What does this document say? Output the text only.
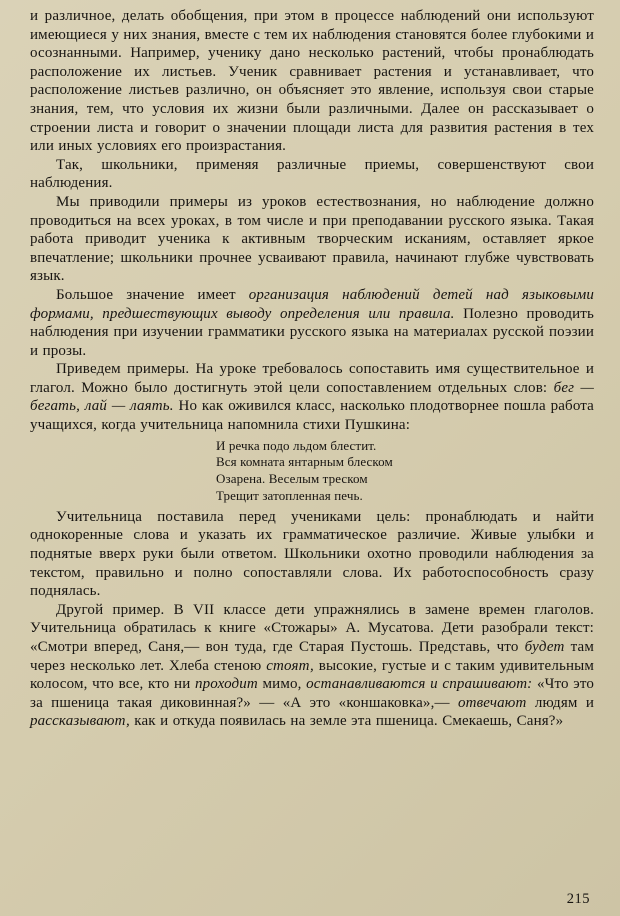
и различное, делать обобщения, при этом в процессе наблюдений они используют имеющиеся у них знания, вместе с тем их наблюдения становятся более глубокими и осознанными. Например, ученику дано несколько растений, чтобы пронаблюдать расположение их листьев. Ученик сравнивает растения и устанавливает, что расположение листьев различно, он объясняет это явление, используя свои старые знания, тем, что условия их жизни были различными. Далее он рассказывает о строении листа и говорит о значении площади листа для развития растения в тех или иных условиях его произрастания.

Так, школьники, применяя различные приемы, совершенствуют свои наблюдения.

Мы приводили примеры из уроков естествознания, но наблюдение должно проводиться на всех уроках, в том числе и при преподавании русского языка. Такая работа приводит ученика к активным творческим исканиям, оставляет яркое впечатление; школьники прочнее усваивают правила, начинают глубже чувствовать язык.

Большое значение имеет организация наблюдений детей над языковыми формами, предшествующих выводу определения или правила. Полезно проводить наблюдения при изучении грамматики русского языка на материалах русской поэзии и прозы.

Приведем примеры. На уроке требовалось сопоставить имя существительное и глагол. Можно было достигнуть этой цели сопоставлением отдельных слов: бег — бегать, лай — лаять. Но как оживился класс, насколько плодотворнее пошла работа учащихся, когда учительница напомнила стихи Пушкина:

И речка подо льдом блестит.
Вся комната янтарным блеском
Озарена. Веселым треском
Трещит затопленная печь.

Учительница поставила перед учениками цель: пронаблюдать и найти однокоренные слова и указать их грамматическое различие. Живые улыбки и поднятые вверх руки были ответом. Школьники охотно проводили наблюдения за текстом, правильно и полно сопоставляли слова. Их работоспособность сразу поднялась.

Другой пример. В VII классе дети упражнялись в замене времен глаголов. Учительница обратилась к книге «Стожары» А. Мусатова. Дети разобрали текст: «Смотри вперед, Саня,— вон туда, где Старая Пустошь. Представь, что будет там через несколько лет. Хлеба стеною стоят, высокие, густые и с таким удивительным колосом, что все, кто ни проходит мимо, останавливаются и спрашивают: «Что это за пшеница такая диковинная?» — «А это «коншаковка»,— отвечают людям и рассказывают, как и откуда появилась на земле эта пшеница. Смекаешь, Саня?»

215
